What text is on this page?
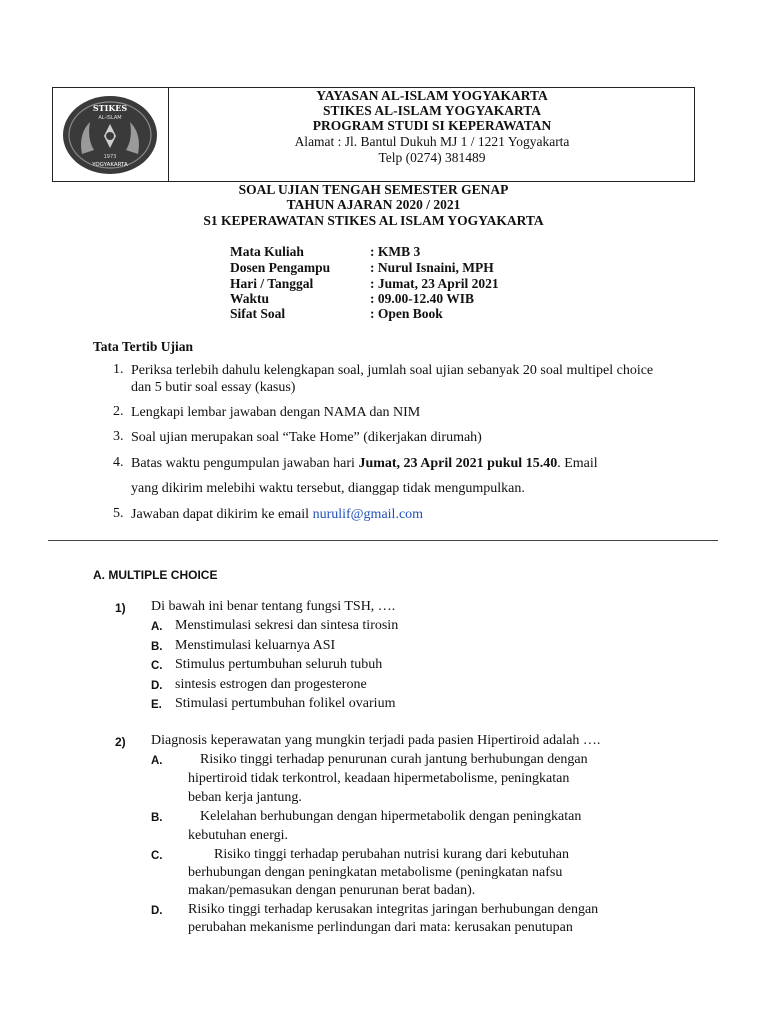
STIKES
AL-ISLAM
1973
YOGYAKARTA
YAYASAN AL-ISLAM YOGYAKARTA
STIKES AL-ISLAM YOGYAKARTA
PROGRAM STUDI SI KEPERAWATAN
Alamat : Jl. Bantul Dukuh MJ 1 / 1221 Yogyakarta
Telp (0274) 381489
SOAL UJIAN TENGAH SEMESTER GENAP
TAHUN AJARAN 2020 / 2021
S1 KEPERAWATAN STIKES AL ISLAM YOGYAKARTA
Mata Kuliah	: KMB 3
Dosen Pengampu	: Nurul Isnaini, MPH
Hari / Tanggal	: Jumat, 23 April 2021
Waktu	: 09.00-12.40 WIB
Sifat Soal	: Open Book
Tata Tertib Ujian
1. Periksa terlebih dahulu kelengkapan soal, jumlah soal ujian sebanyak 20 soal multipel choice dan 5 butir soal essay (kasus)
2. Lengkapi lembar jawaban dengan NAMA dan NIM
3. Soal ujian merupakan soal “Take Home” (dikerjakan dirumah)
4. Batas waktu pengumpulan jawaban hari Jumat, 23 April 2021 pukul 15.40. Email
yang dikirim melebihi waktu tersebut, dianggap tidak mengumpulkan.
5. Jawaban dapat dikirim ke email nurulif@gmail.com
A. MULTIPLE CHOICE
1) Di bawah ini benar tentang fungsi TSH, ….
A. Menstimulasi sekresi dan sintesa tirosin
B. Menstimulasi keluarnya ASI
C. Stimulus pertumbuhan seluruh tubuh
D. sintesis estrogen dan progesterone
E. Stimulasi pertumbuhan folikel ovarium
2) Diagnosis keperawatan yang mungkin terjadi pada pasien Hipertiroid adalah ….
A.	Risiko tinggi terhadap penurunan curah jantung berhubungan dengan
hipertiroid tidak terkontrol, keadaan hipermetabolisme, peningkatan
beban kerja jantung.
B.	Kelelahan berhubungan dengan hipermetabolik dengan peningkatan
kebutuhan energi.
C.	Risiko tinggi terhadap perubahan nutrisi kurang dari kebutuhan
berhubungan dengan peningkatan metabolisme (peningkatan nafsu
makan/pemasukan dengan penurunan berat badan).
D. Risiko tinggi terhadap kerusakan integritas jaringan berhubungan dengan
perubahan mekanisme perlindungan dari mata: kerusakan penutupan
